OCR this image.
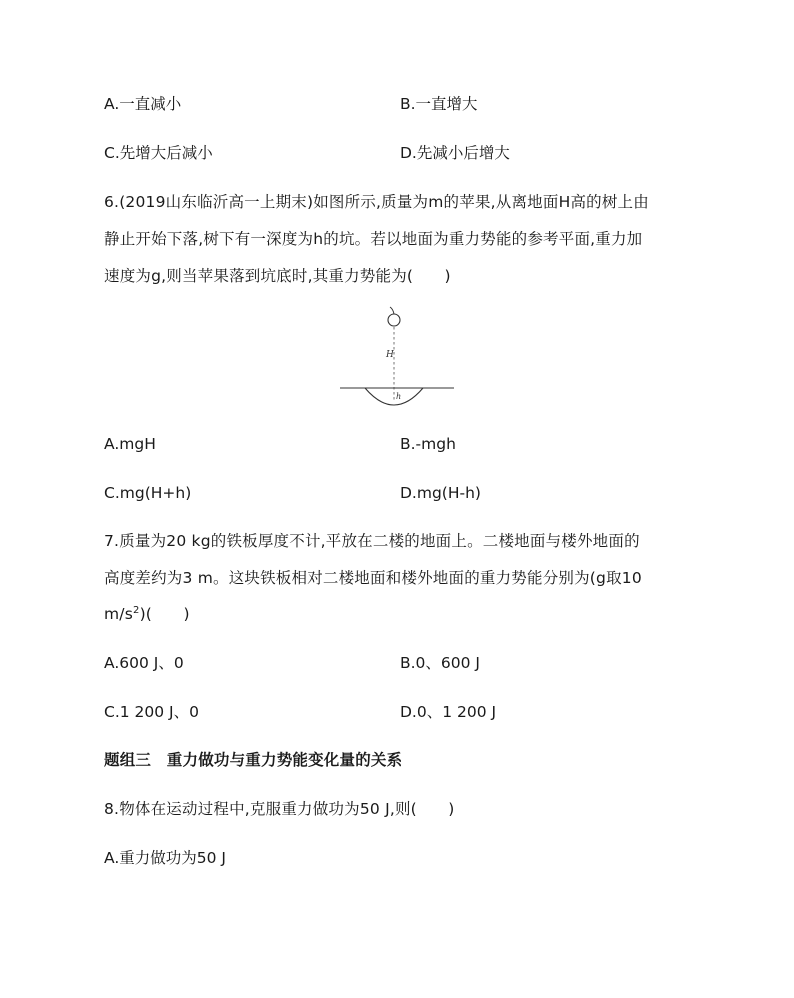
A.一直减小	B.一直增大
C.先增大后减小	D.先减小后增大
6.(2019山东临沂高一上期末)如图所示,质量为m的苹果,从离地面H高的树上由
静止开始下落,树下有一深度为h的坑。若以地面为重力势能的参考平面,重力加
速度为g,则当苹果落到坑底时,其重力势能为(　　)
H
h
A.mgH	B.-mgh
C.mg(H+h)	D.mg(H-h)
7.质量为20 kg的铁板厚度不计,平放在二楼的地面上。二楼地面与楼外地面的
高度差约为3 m。这块铁板相对二楼地面和楼外地面的重力势能分别为(g取10
$m/s^2$)(　　)
A.600 J、0	B.0、600 J
C.1 200 J、0	D.0、1 200 J
题组三　重力做功与重力势能变化量的关系
8.物体在运动过程中,克服重力做功为50 J,则(　　)
A.重力做功为50 J
